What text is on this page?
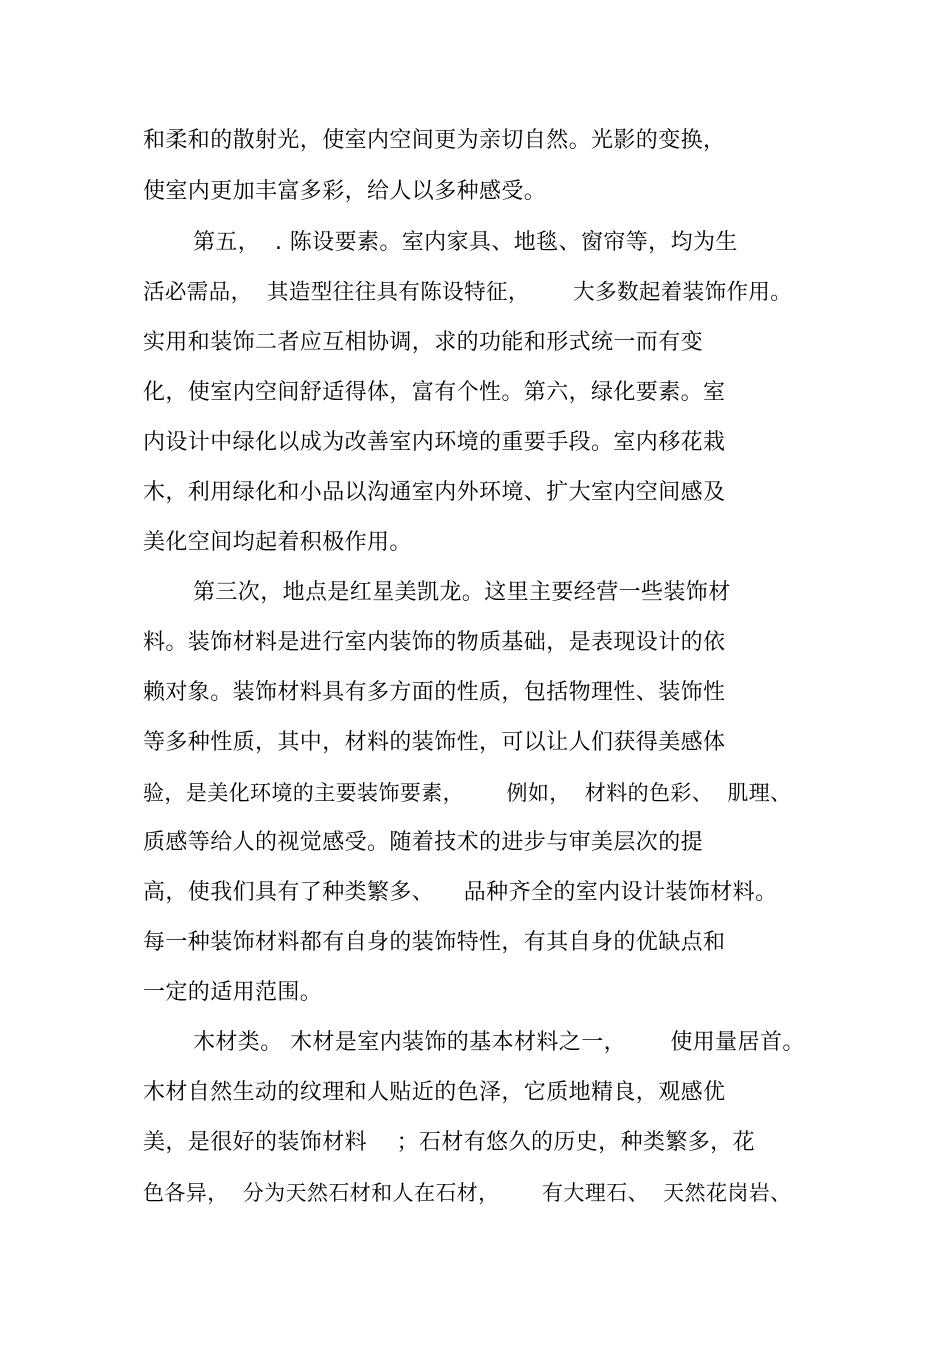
和柔和的散射光，使室内空间更为亲切自然。光影的变换，
使室内更加丰富多彩，给人以多种感受。
第五，  . 陈设要素。室内家具、地毯、窗帘等，均为生
活必需品，  其造型往往具有陈设特征，      大多数起着装饰作用。
实用和装饰二者应互相协调，求的功能和形式统一而有变
化，使室内空间舒适得体，富有个性。第六，绿化要素。室
内设计中绿化以成为改善室内环境的重要手段。室内移花栽
木，利用绿化和小品以沟通室内外环境、扩大室内空间感及
美化空间均起着积极作用。
第三次，地点是红星美凯龙。这里主要经营一些装饰材
料。装饰材料是进行室内装饰的物质基础，是表现设计的依
赖对象。装饰材料具有多方面的性质，包括物理性、装饰性
等多种性质，其中，材料的装饰性，可以让人们获得美感体
验，是美化环境的主要装饰要素，      例如，  材料的色彩、  肌理、
质感等给人的视觉感受。随着技术的进步与审美层次的提
高，使我们具有了种类繁多、    品种齐全的室内设计装饰材料。
每一种装饰材料都有自身的装饰特性，有其自身的优缺点和
一定的适用范围。
木材类。 木材是室内装饰的基本材料之一，      使用量居首。
木材自然生动的纹理和人贴近的色泽，它质地精良，观感优
美，是很好的装饰材料    ；石材有悠久的历史，种类繁多，花
色各异，  分为天然石材和人在石材，      有大理石、  天然花岗岩、
